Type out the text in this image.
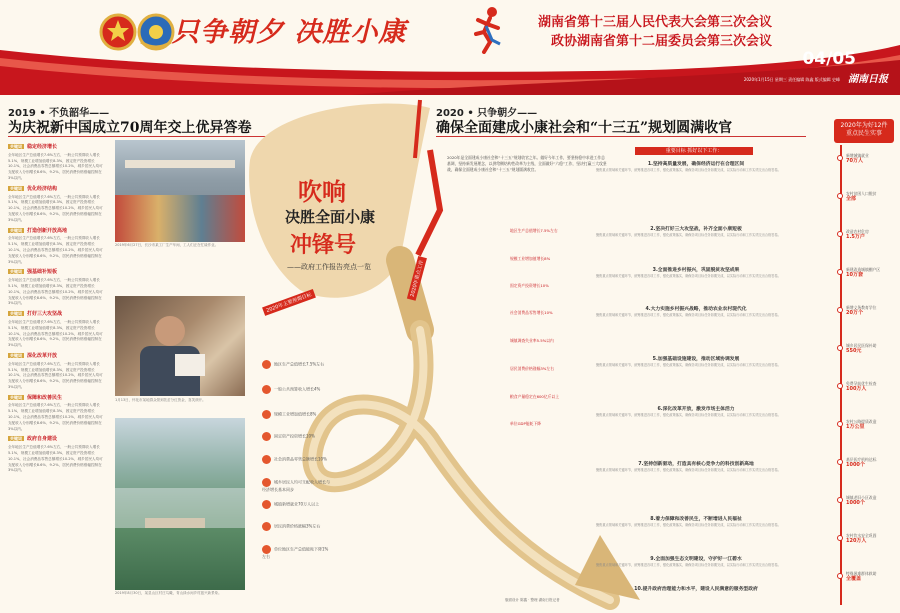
只争朝夕 决胜小康	湖南省第十三届人民代表大会第三次会议
政协湖南省第十二届委员会第三次会议
04/05
2020年1月15日 星期三 责任编辑 陈鑫 版式编辑 史峰 湖南日报
2019 • 不负韶华——
为庆祝新中国成立70周年交上优异答卷
关键词 稳定经济增长
全年地区生产总值增长7.6%左右，一般公共预算收入增长5.1%，规模工业增加值增长8.3%，固定资产投资增长10.1%，社会消费品零售总额增长10.2%，城乡居民人均可支配收入分别增长8.6%、9.2%，居民消费价格涨幅控制在3%以内。
关键词 优化经济结构
全年地区生产总值增长7.6%左右，一般公共预算收入增长5.1%，规模工业增加值增长8.3%，固定资产投资增长10.1%，社会消费品零售总额增长10.2%，城乡居民人均可支配收入分别增长8.6%、9.2%，居民消费价格涨幅控制在3%以内。
关键词 打造创新开放高地
全年地区生产总值增长7.6%左右，一般公共预算收入增长5.1%，规模工业增加值增长8.3%，固定资产投资增长10.1%，社会消费品零售总额增长10.2%，城乡居民人均可支配收入分别增长8.6%、9.2%，居民消费价格涨幅控制在3%以内。
关键词 强基础补短板
全年地区生产总值增长7.6%左右，一般公共预算收入增长5.1%，规模工业增加值增长8.3%，固定资产投资增长10.1%，社会消费品零售总额增长10.2%，城乡居民人均可支配收入分别增长8.6%、9.2%，居民消费价格涨幅控制在3%以内。
关键词 打好三大攻坚战
全年地区生产总值增长7.6%左右，一般公共预算收入增长5.1%，规模工业增加值增长8.3%，固定资产投资增长10.1%，社会消费品零售总额增长10.2%，城乡居民人均可支配收入分别增长8.6%、9.2%，居民消费价格涨幅控制在3%以内。
关键词 深化改革开放
全年地区生产总值增长7.6%左右，一般公共预算收入增长5.1%，规模工业增加值增长8.3%，固定资产投资增长10.1%，社会消费品零售总额增长10.2%，城乡居民人均可支配收入分别增长8.6%、9.2%，居民消费价格涨幅控制在3%以内。
关键词 保障和改善民生
全年地区生产总值增长7.6%左右，一般公共预算收入增长5.1%，规模工业增加值增长8.3%，固定资产投资增长10.1%，社会消费品零售总额增长10.2%，城乡居民人均可支配收入分别增长8.6%、9.2%，居民消费价格涨幅控制在3%以内。
关键词 政府自身建设
全年地区生产总值增长7.6%左右，一般公共预算收入增长5.1%，规模工业增加值增长8.3%，固定资产投资增长10.1%，社会消费品零售总额增长10.2%，城乡居民人均可支配收入分别增长8.6%、9.2%，居民消费价格涨幅控制在3%以内。
2019年6月27日，长沙市某工厂生产车间，工人们正在忙碌作业。
1月13日，怀化市某地群众领到扶贫分红资金，喜笑颜开。
2019年8月30日，某县山区村庄鸟瞰，青山绿水间乡村振兴新景象。
吹响
决胜全面小康
冲锋号
——政府工作报告亮点一览
2020年主要预期目标
2020年重点工作
地区生产总值增长7.5%左右
一般公共预算收入增长4%
规模工业增加值增长8%
固定资产投资增长10%
社会消费品零售总额增长10%
城乡居民人均可支配收入增长与经济增长基本同步
城镇新增就业70万人以上
居民消费价格涨幅3%左右
单位地区生产总值能耗下降1%左右
地区生产总值增长7.5%左右
规模工业增加值增长8%
固定资产投资增长10%
社会消费品零售增长10%
城镇调查失业率5.5%以内
居民消费价格涨幅3%左右
粮食产量稳定在600亿斤以上
单位GDP能耗下降
2020 • 只争朝夕——
确保全面建成小康社会和“十三五”规划圆满收官
2020年是全面建成小康社会和“十三五”规划收官之年。做好今年工作，要坚持稳中求进工作总基调，坚持新发展理念，以供给侧结构性改革为主线，全面做好“六稳”工作，坚决打赢三大攻坚战，确保全面建成小康社会和“十三五”规划圆满收官。
重要目标 抓好以下工作：
1.坚持高质量发展，确保经济运行在合理区间
聚焦重点领域和关键环节，统筹推进各项工作，强化政策落实，确保各项目标任务如期完成，以实际行动和工作实绩交出合格答卷。
2.坚决打好三大攻坚战，补齐全面小康短板
聚焦重点领域和关键环节，统筹推进各项工作，强化政策落实，确保各项目标任务如期完成，以实际行动和工作实绩交出合格答卷。
3.全面推进乡村振兴，巩固脱贫攻坚成果
聚焦重点领域和关键环节，统筹推进各项工作，强化政策落实，确保各项目标任务如期完成，以实际行动和工作实绩交出合格答卷。
4.大力实施乡村振兴战略，推动农业农村现代化
聚焦重点领域和关键环节，统筹推进各项工作，强化政策落实，确保各项目标任务如期完成，以实际行动和工作实绩交出合格答卷。
5.加强基础设施建设，推动区域协调发展
聚焦重点领域和关键环节，统筹推进各项工作，强化政策落实，确保各项目标任务如期完成，以实际行动和工作实绩交出合格答卷。
6.深化改革开放，激发市场主体活力
聚焦重点领域和关键环节，统筹推进各项工作，强化政策落实，确保各项目标任务如期完成，以实际行动和工作实绩交出合格答卷。
7.坚持创新驱动，打造具有核心竞争力的科技创新高地
聚焦重点领域和关键环节，统筹推进各项工作，强化政策落实，确保各项目标任务如期完成，以实际行动和工作实绩交出合格答卷。
8.着力保障和改善民生，不断增进人民福祉
聚焦重点领域和关键环节，统筹推进各项工作，强化政策落实，确保各项目标任务如期完成，以实际行动和工作实绩交出合格答卷。
9.全面加强生态文明建设，守护好一江碧水
聚焦重点领域和关键环节，统筹推进各项工作，强化政策落实，确保各项目标任务如期完成，以实际行动和工作实绩交出合格答卷。
10.提升政府治理能力和水平，建设人民满意的服务型政府
版面设计 陈鑫 · 整理 湖南日报记者
2020年为好12件
重点民生实事
新增城镇就业
70万人
农村贫困人口脱贫
全部
改造农村危房
1.5万户
新建改造城镇棚户区
10万套
新增义务教育学位
20万个
城乡居民医保补助
550元
免费孕前优生检查
100万人
农村公路提质改造
1万公里
基层医疗机构达标
1000个
城镇老旧小区改造
1000个
农村饮水安全巩固
120万人
特殊困难群体救助
全覆盖
